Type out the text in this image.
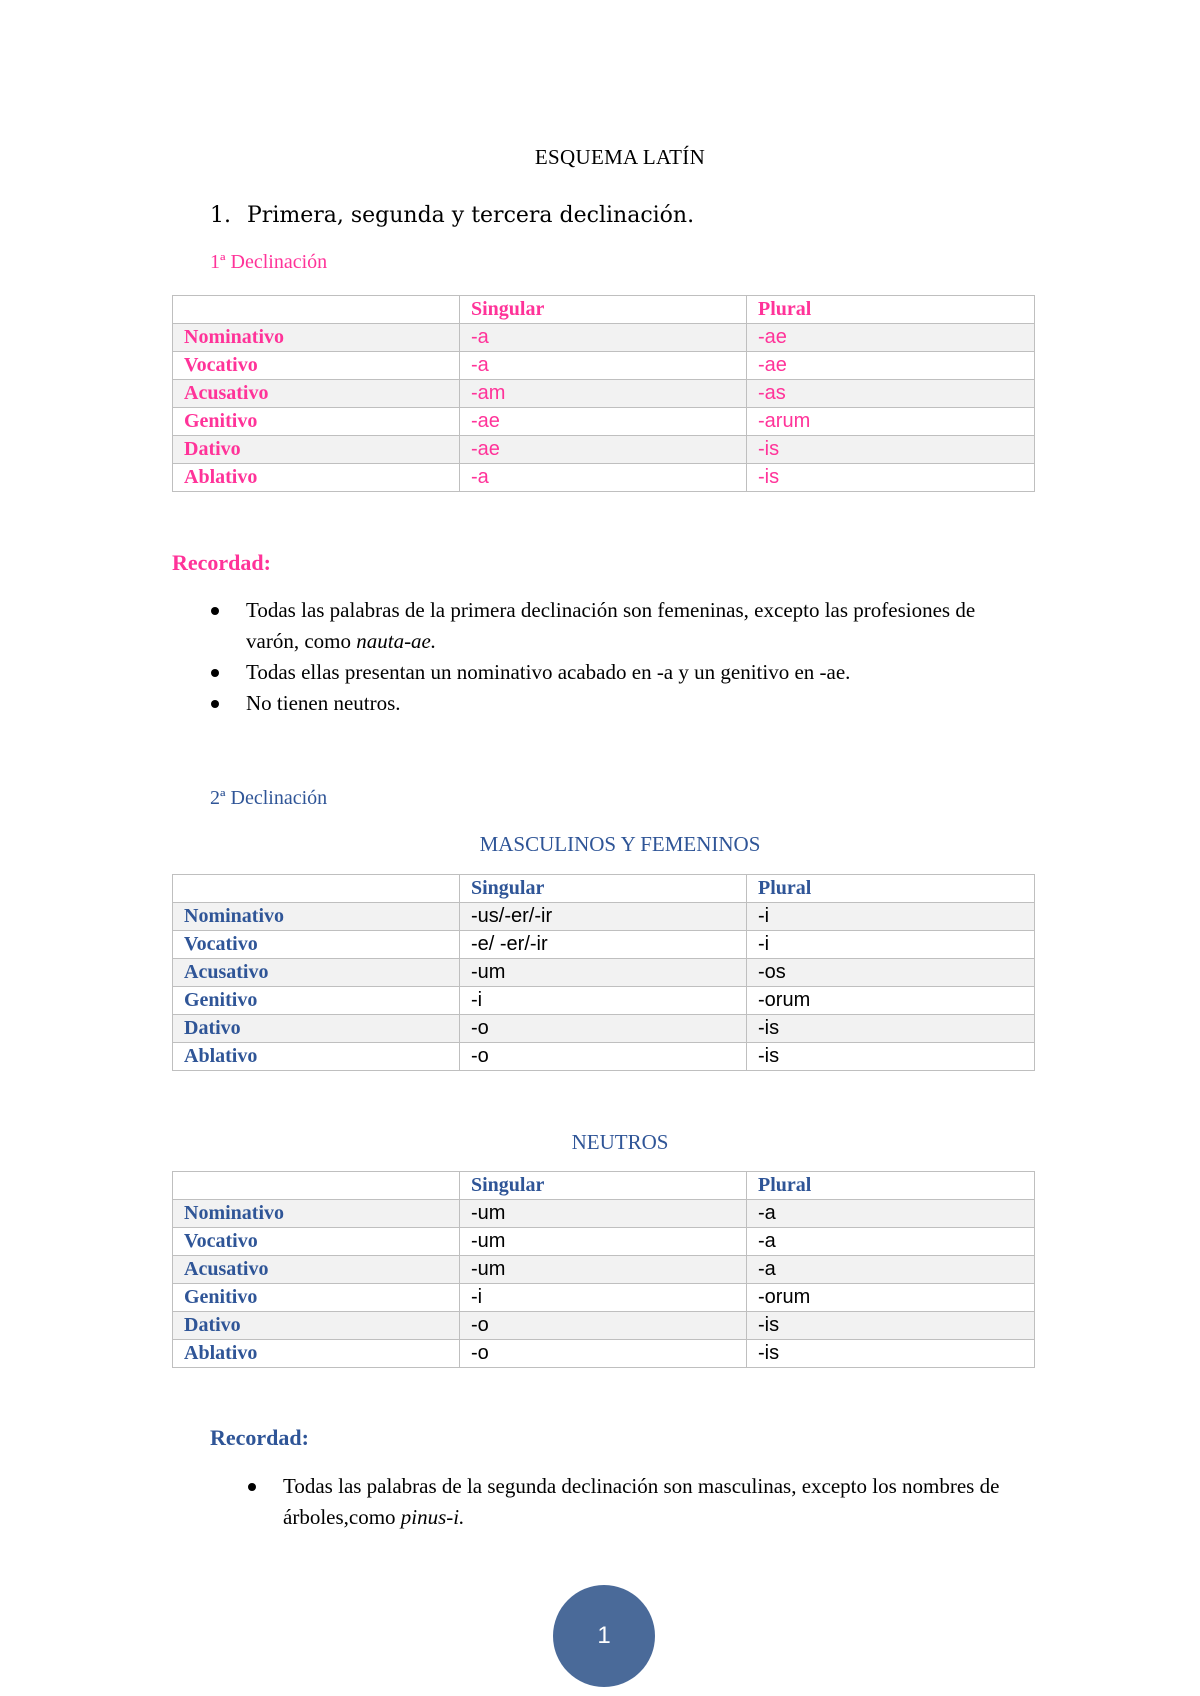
ESQUEMA LATÍN
1. Primera, segunda y tercera declinación.
1ª Declinación
	Singular	Plural
Nominativo	-a	-ae
Vocativo	-a	-ae
Acusativo	-am	-as
Genitivo	-ae	-arum
Dativo	-ae	-is
Ablativo	-a	-is
Recordad:
Todas las palabras de la primera declinación son femeninas, excepto las profesiones de varón, como nauta-ae.
Todas ellas presentan un nominativo acabado en -a y un genitivo en -ae.
No tienen neutros.
2ª Declinación
MASCULINOS Y FEMENINOS
	Singular	Plural
Nominativo	-us/-er/-ir	-i
Vocativo	-e/ -er/-ir	-i
Acusativo	-um	-os
Genitivo	-i	-orum
Dativo	-o	-is
Ablativo	-o	-is
NEUTROS
	Singular	Plural
Nominativo	-um	-a
Vocativo	-um	-a
Acusativo	-um	-a
Genitivo	-i	-orum
Dativo	-o	-is
Ablativo	-o	-is
Recordad:
Todas las palabras de la segunda declinación son masculinas, excepto los nombres de árboles,como pinus-i.
1
